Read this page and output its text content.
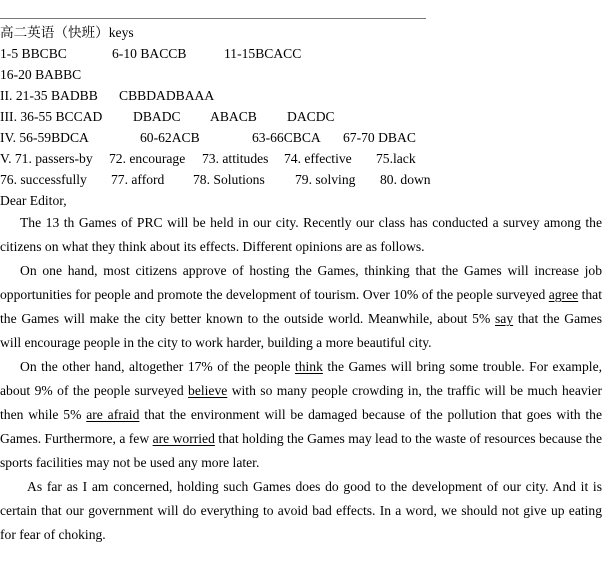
高二英语（快班）keys
1-5 BBCBC	6-10 BACCB	11-15BCACC
16-20 BABBC
II. 21-35 BADBB CBBDADBAAA
III. 36-55 BCCAD DBADC ABACB DACDC
IV. 56-59BDCA	60-62ACB	63-66CBCA 67-70 DBAC
V. 71. passers-by 72. encourage 73. attitudes 74. effective 75.lack
76. successfully 77. afford 78. Solutions 79. solving 80. down
Dear Editor,

The 13 th Games of PRC will be held in our city. Recently our class has conducted a survey among the citizens on what they think about its effects. Different opinions are as follows.

On one hand, most citizens approve of hosting the Games, thinking that the Games will increase job opportunities for people and promote the development of tourism. Over 10% of the people surveyed agree that the Games will make the city better known to the outside world. Meanwhile, about 5% say that the Games will encourage people in the city to work harder, building a more beautiful city.

On the other hand, altogether 17% of the people think the Games will bring some trouble. For example, about 9% of the people surveyed believe with so many people crowding in, the traffic will be much heavier then while 5% are afraid that the environment will be damaged because of the pollution that goes with the Games. Furthermore, a few are worried that holding the Games may lead to the waste of resources because the sports facilities may not be used any more later.

As far as I am concerned, holding such Games does do good to the development of our city. And it is certain that our government will do everything to avoid bad effects. In a word, we should not give up eating for fear of choking.
